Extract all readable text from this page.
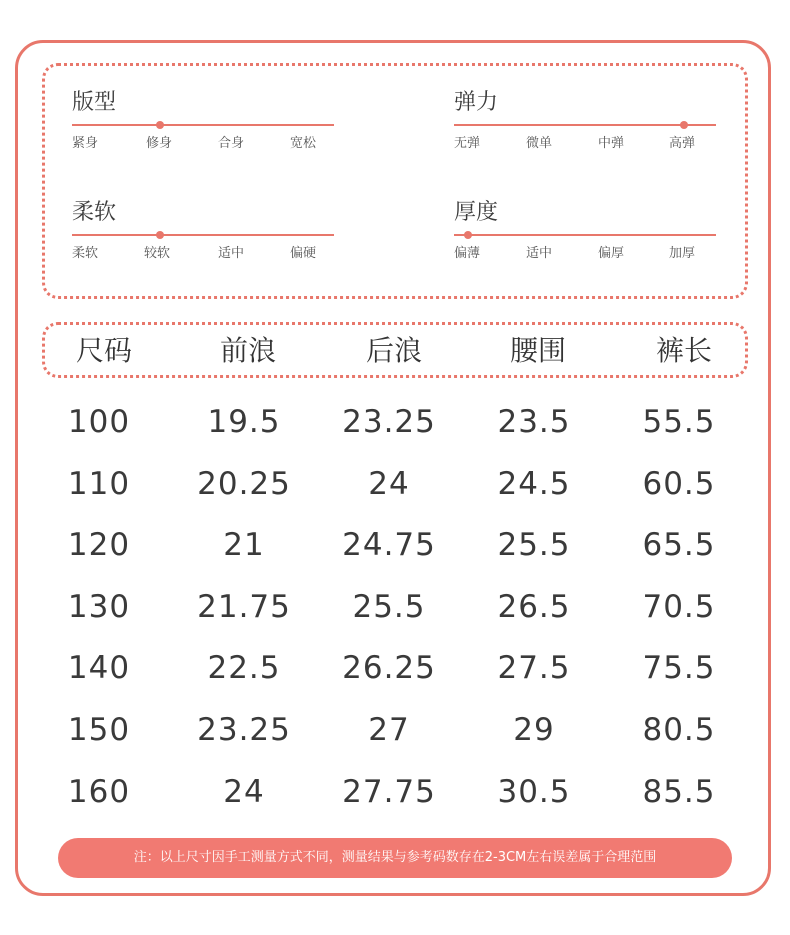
版型
紧身	修身	合身	宽松
弹力
无弹	微单	中弹	高弹
柔软
柔软	较软	适中	偏硬
厚度
偏薄	适中	偏厚	加厚
尺码	前浪	后浪	腰围	裤长
100 19.5 23.25 23.5 55.5
110 20.25 24	24.5 60.5
120	21 24.75 25.5 65.5
130 21.75 25.5 26.5 70.5
140 22.5 26.25 27.5 75.5
150 23.25 27	29	80.5
160	24 27.75 30.5 85.5
注：以上尺寸因手工测量方式不同，测量结果与参考码数存在2-3CM左右误差属于合理范围
